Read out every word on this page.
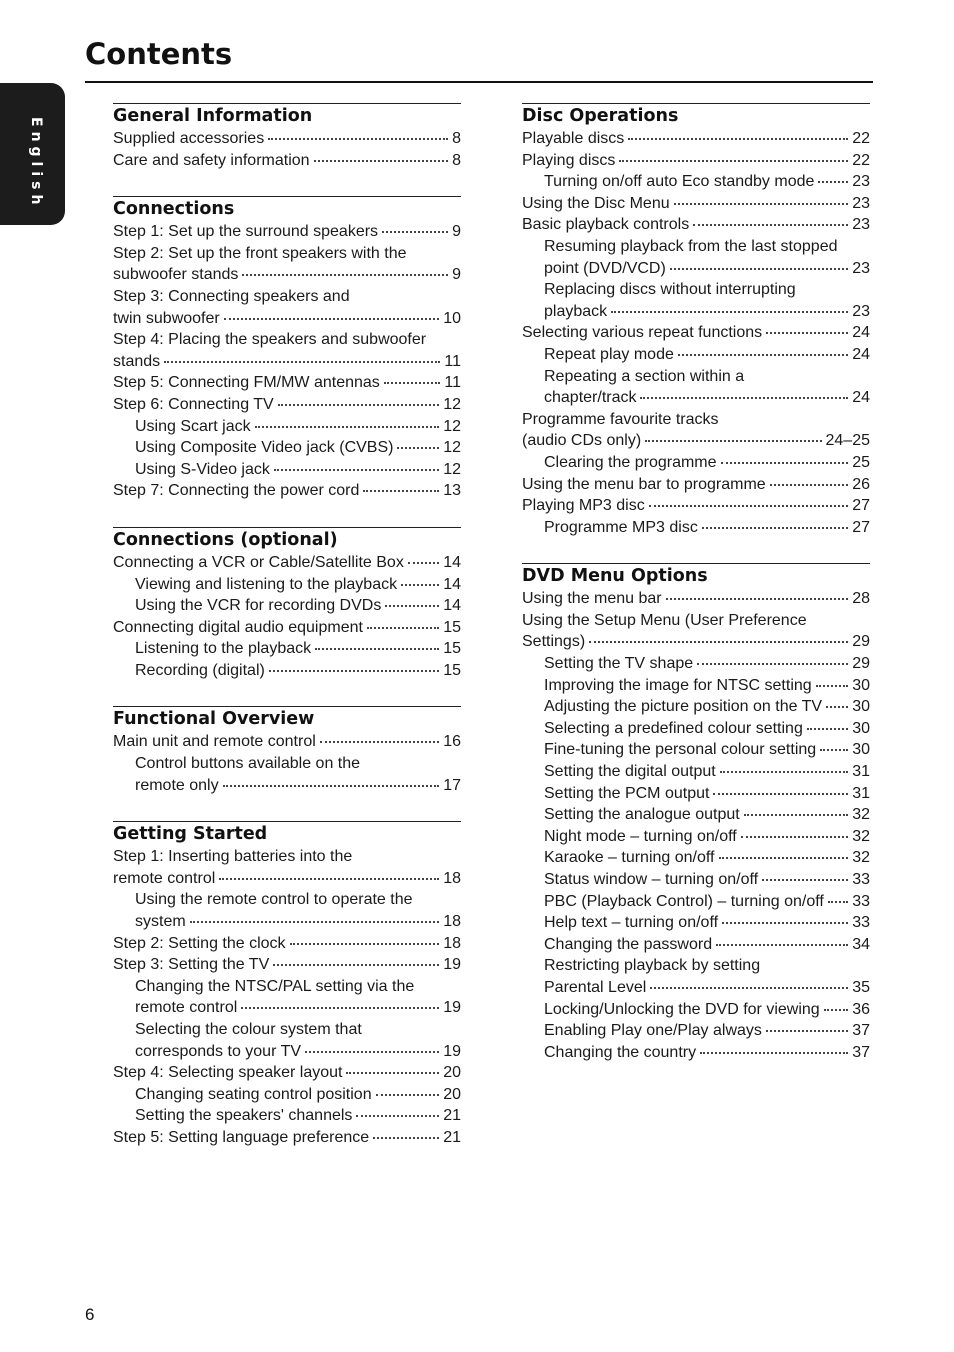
Contents
English
General Information
Supplied accessories	8
Care and safety information	8
Connections
Step 1: Set up the surround speakers	9
Step 2: Set up the front speakers with the
subwoofer stands	9
Step 3: Connecting speakers and
twin subwoofer	10
Step 4: Placing the speakers and subwoofer
stands	11
Step 5: Connecting FM/MW antennas	11
Step 6: Connecting TV	12
Using Scart jack	12
Using Composite Video jack (CVBS)	12
Using S-Video jack	12
Step 7: Connecting the power cord	13
Connections (optional)
Connecting a VCR or Cable/Satellite Box 14
Viewing and listening to the playback	14
Using the VCR for recording DVDs	14
Connecting digital audio equipment	15
Listening to the playback	15
Recording (digital)	15
Functional Overview
Main unit and remote control	16
Control buttons available on the
remote only	17
Getting Started
Step 1: Inserting batteries into the
remote control	18
Using the remote control to operate the
system	18
Step 2: Setting the clock	18
Step 3: Setting the TV	19
Changing the NTSC/PAL setting via the
remote control	19
Selecting the colour system that
corresponds to your TV	19
Step 4: Selecting speaker layout	20
Changing seating control position	20
Setting the speakers' channels	21
Step 5: Setting language preference	21
Disc Operations
Playable discs	22
Playing discs	22
Turning on/off auto Eco standby mode 23
Using the Disc Menu	23
Basic playback controls	23
Resuming playback from the last stopped
point (DVD/VCD)	23
Replacing discs without interrupting
playback	23
Selecting various repeat functions	24
Repeat play mode	24
Repeating a section within a
chapter/track	24
Programme favourite tracks
(audio CDs only)	24–25
Clearing the programme	25
Using the menu bar to programme	26
Playing MP3 disc	27
Programme MP3 disc	27
DVD Menu Options
Using the menu bar	28
Using the Setup Menu (User Preference
Settings)	29
Setting the TV shape	29
Improving the image for NTSC setting	30
Adjusting the picture position on the TV 30
Selecting a predefined colour setting	30
Fine-tuning the personal colour setting 30
Setting the digital output	31
Setting the PCM output	31
Setting the analogue output	32
Night mode – turning on/off	32
Karaoke – turning on/off	32
Status window – turning on/off	33
PBC (Playback Control) – turning on/off 33
Help text – turning on/off	33
Changing the password	34
Restricting playback by setting
Parental Level	35
Locking/Unlocking the DVD for viewing 36
Enabling Play one/Play always	37
Changing the country	37
6
